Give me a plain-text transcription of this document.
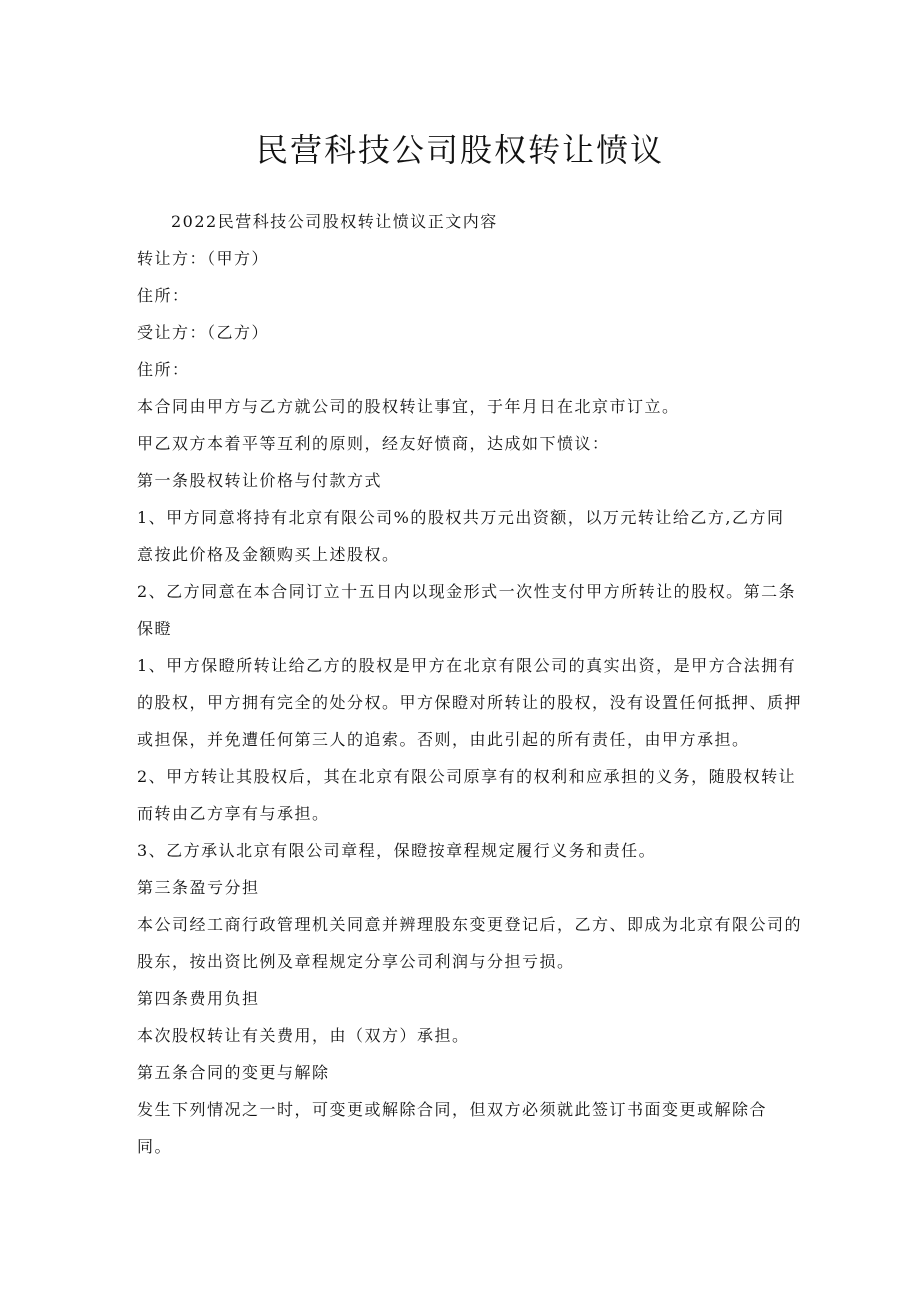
民营科技公司股权转让愤议
2022民营科技公司股权转让愤议正文内容
转让方：（甲方）
住所：
受让方：（乙方）
住所：
本合同由甲方与乙方就公司的股权转让事宜，于年月日在北京市订立。
甲乙双方本着平等互利的原则，经友好愤商，达成如下愤议：
第一条股权转让价格与付款方式
1、甲方同意将持有北京有限公司%的股权共万元出资额，以万元转让给乙方,乙方同
意按此价格及金额购买上述股权。
2、乙方同意在本合同订立十五日内以现金形式一次性支付甲方所转让的股权。第二条
保瞪
1、甲方保瞪所转让给乙方的股权是甲方在北京有限公司的真实出资，是甲方合法拥有
的股权，甲方拥有完全的处分权。甲方保瞪对所转让的股权，没有设置任何抵押、质押
或担保，并免遭任何第三人的追索。否则，由此引起的所有责任，由甲方承担。
2、甲方转让其股权后，其在北京有限公司原享有的权利和应承担的义务，随股权转让
而转由乙方享有与承担。
3、乙方承认北京有限公司章程，保瞪按章程规定履行义务和责任。
第三条盈亏分担
本公司经工商行政管理机关同意并辨理股东变更登记后，乙方、即成为北京有限公司的
股东，按出资比例及章程规定分享公司利润与分担亏损。
第四条费用负担
本次股权转让有关费用，由（双方）承担。
第五条合同的变更与解除
发生下列情况之一时，可变更或解除合同，但双方必须就此签订书面变更或解除合
同。
